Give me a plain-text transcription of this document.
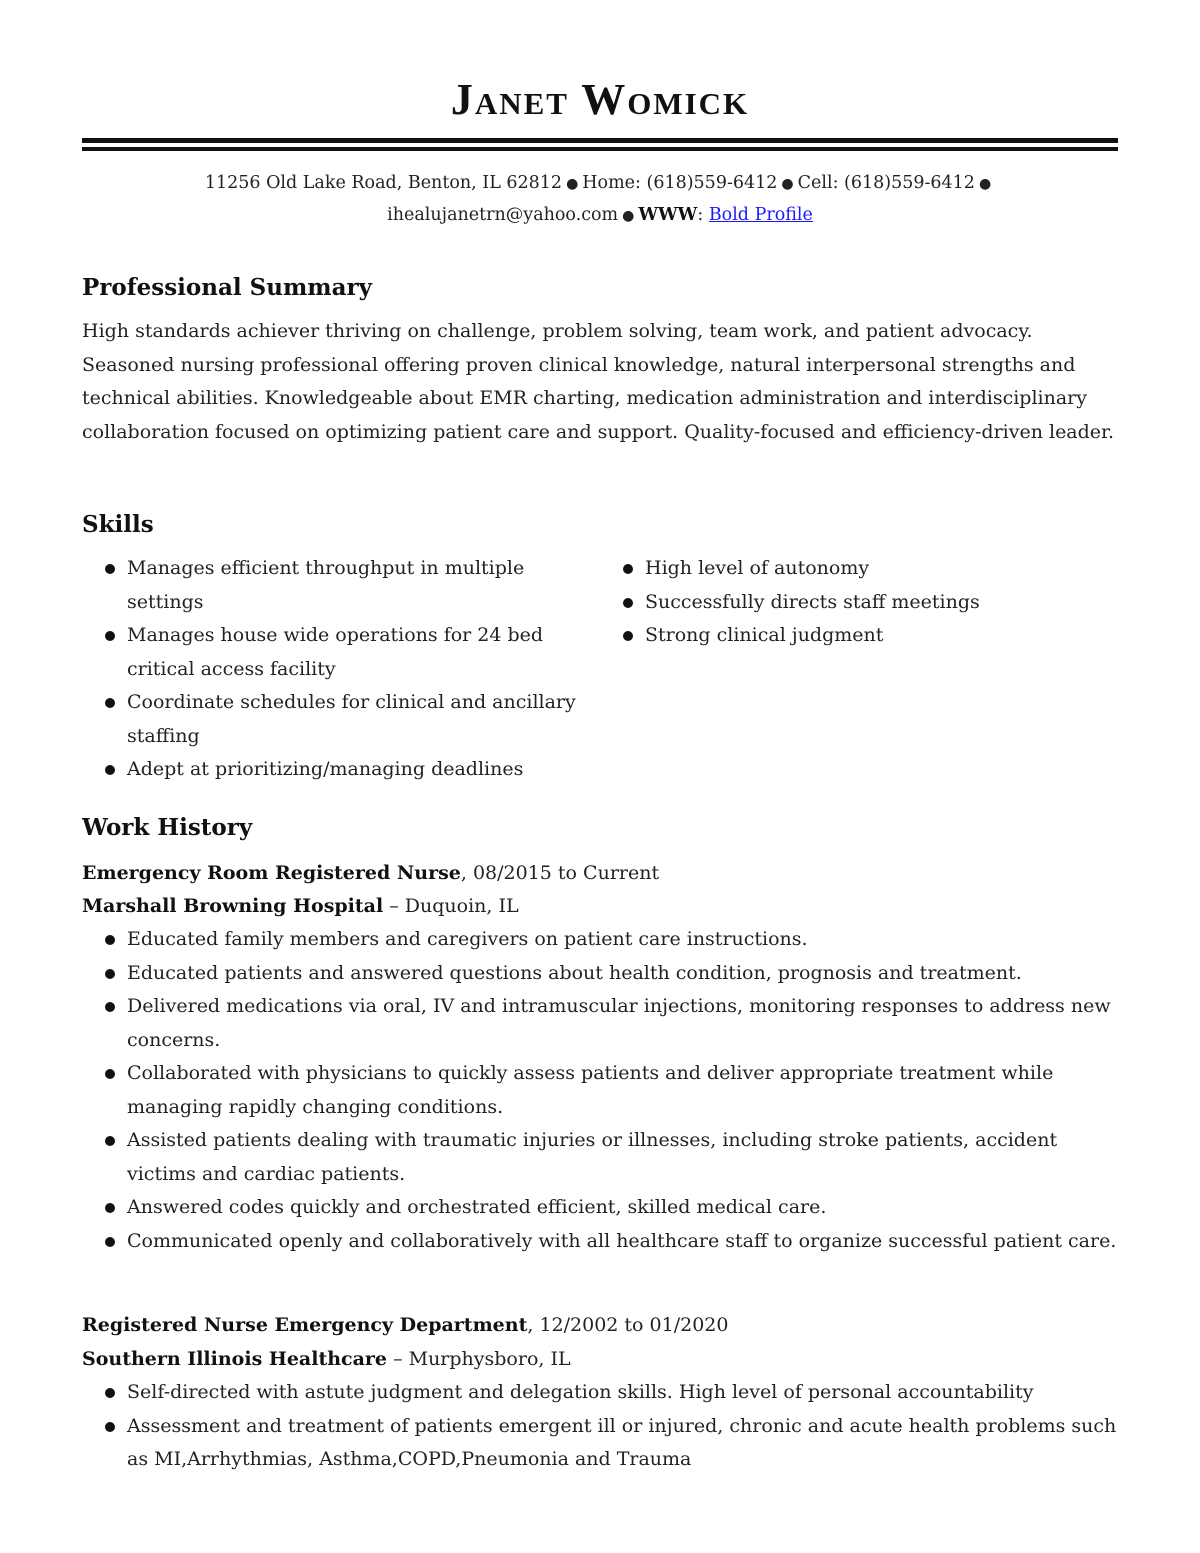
Janet Womick
11256 Old Lake Road, Benton, IL 62812 ● Home: (618)559-6412 ● Cell: (618)559-6412 ●
ihealujanetrn@yahoo.com ● WWW: Bold Profile
Professional Summary
High standards achiever thriving on challenge, problem solving, team work, and patient advocacy. Seasoned nursing professional offering proven clinical knowledge, natural interpersonal strengths and technical abilities. Knowledgeable about EMR charting, medication administration and interdisciplinary collaboration focused on optimizing patient care and support. Quality-focused and efficiency-driven leader.
Skills
Manages efficient throughput in multiple settings
Manages house wide operations for 24 bed critical access facility
Coordinate schedules for clinical and ancillary staffing
Adept at prioritizing/managing deadlines
High level of autonomy
Successfully directs staff meetings
Strong clinical judgment
Work History
Emergency Room Registered Nurse, 08/2015 to Current
Marshall Browning Hospital – Duquoin, IL
Educated family members and caregivers on patient care instructions.
Educated patients and answered questions about health condition, prognosis and treatment.
Delivered medications via oral, IV and intramuscular injections, monitoring responses to address new concerns.
Collaborated with physicians to quickly assess patients and deliver appropriate treatment while managing rapidly changing conditions.
Assisted patients dealing with traumatic injuries or illnesses, including stroke patients, accident victims and cardiac patients.
Answered codes quickly and orchestrated efficient, skilled medical care.
Communicated openly and collaboratively with all healthcare staff to organize successful patient care.
Registered Nurse Emergency Department, 12/2002 to 01/2020
Southern Illinois Healthcare – Murphysboro, IL
Self-directed with astute judgment and delegation skills. High level of personal accountability
Assessment and treatment of patients emergent ill or injured, chronic and acute health problems such as MI,Arrhythmias, Asthma,COPD,Pneumonia and Trauma
